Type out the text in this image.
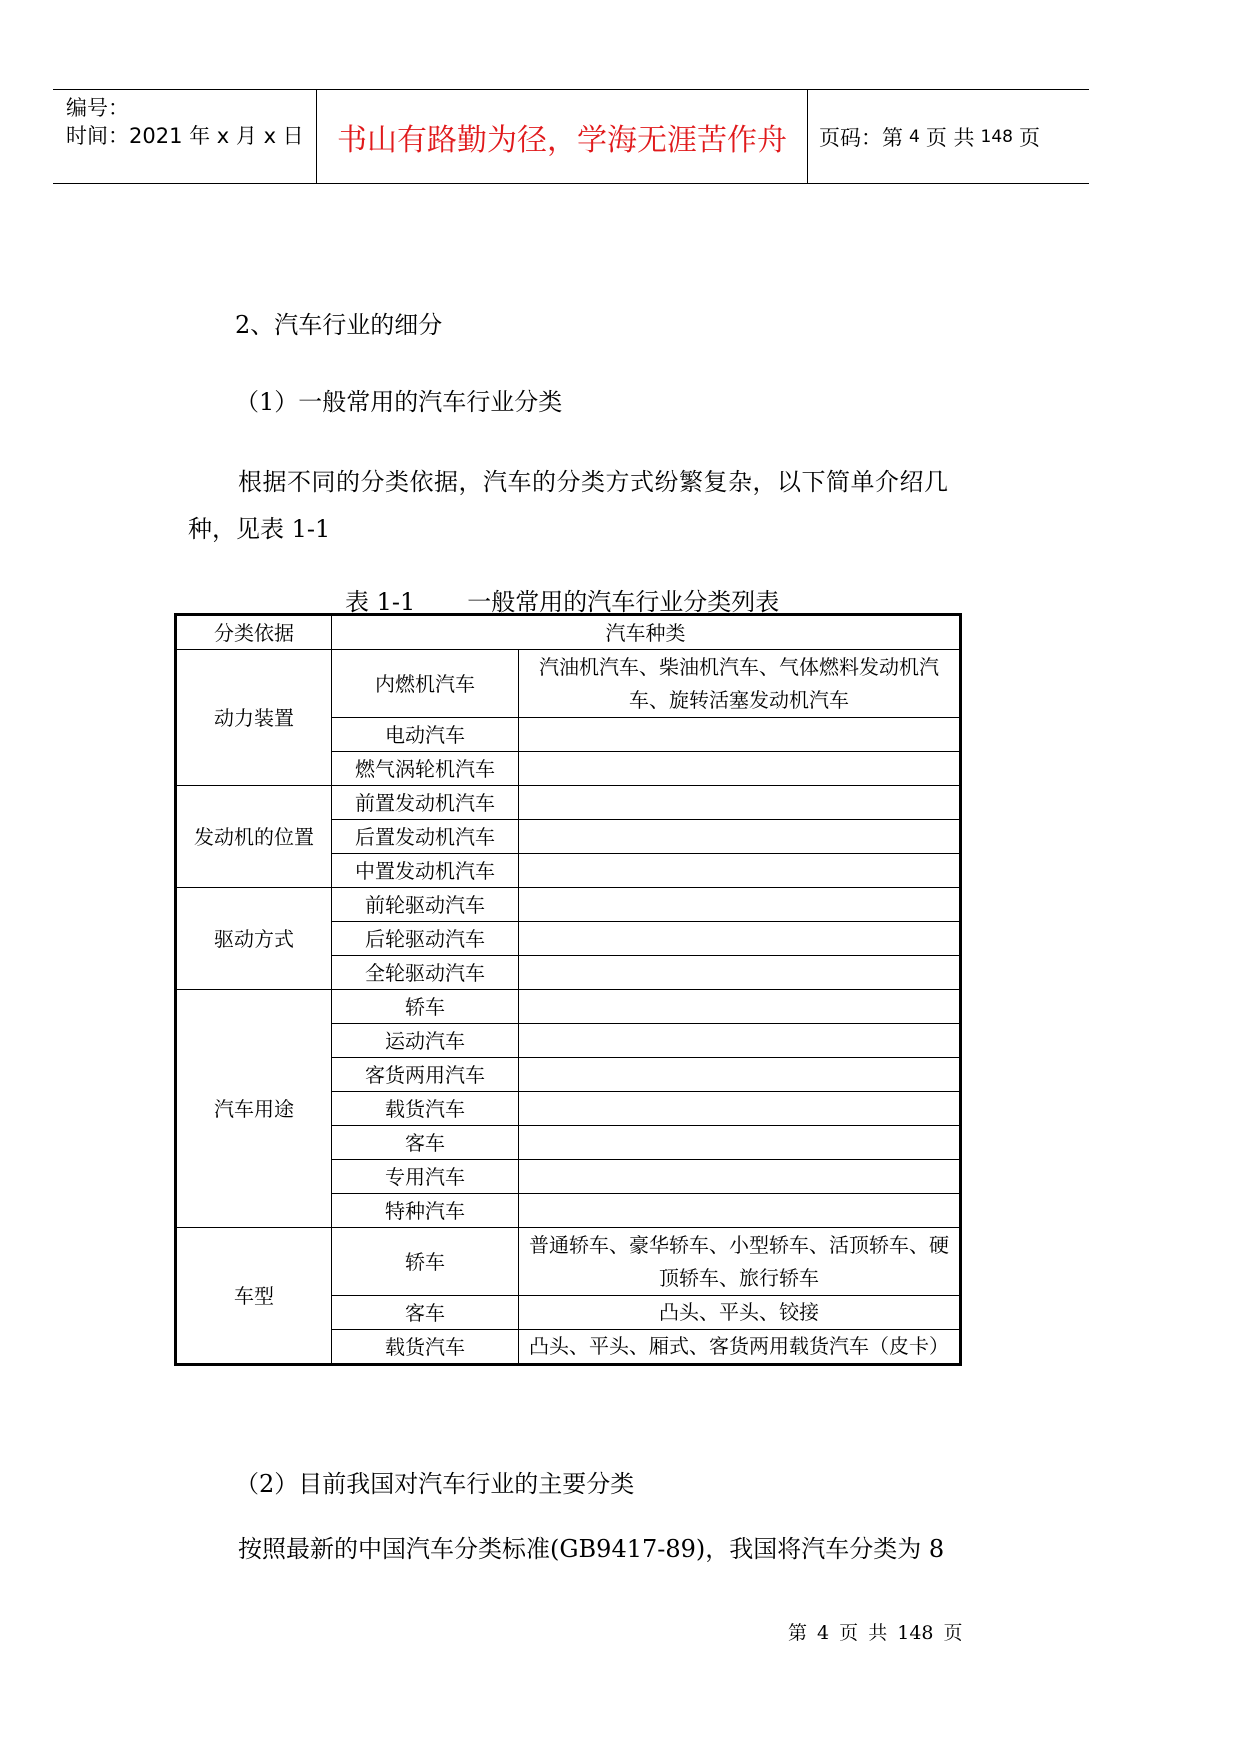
编号：
时间：2021 年 x 月 x 日	书山有路勤为径，学海无涯苦作舟	页码：第 4 页 共 148 页
2、汽车行业的细分
（1）一般常用的汽车行业分类
根据不同的分类依据，汽车的分类方式纷繁复杂，以下简单介绍几
种，见表 1-1
表 1-1 一般常用的汽车行业分类列表
分类依据	汽车种类	
动力装置	内燃机汽车	汽油机汽车、柴油机汽车、气体燃料发动机汽车、旋转活塞发动机汽车
	电动汽车	
	燃气涡轮机汽车	
发动机的位置	前置发动机汽车	
	后置发动机汽车	
	中置发动机汽车	
驱动方式	前轮驱动汽车	
	后轮驱动汽车	
	全轮驱动汽车	
汽车用途	轿车	
	运动汽车	
	客货两用汽车	
	载货汽车	
	客车	
	专用汽车	
	特种汽车	
车型	轿车	普通轿车、豪华轿车、小型轿车、活顶轿车、硬顶轿车、旅行轿车
	客车	凸头、平头、铰接
	载货汽车	凸头、平头、厢式、客货两用载货汽车（皮卡）
（2）目前我国对汽车行业的主要分类
按照最新的中国汽车分类标准(GB9417-89)，我国将汽车分类为 8
第 4 页 共 148 页
